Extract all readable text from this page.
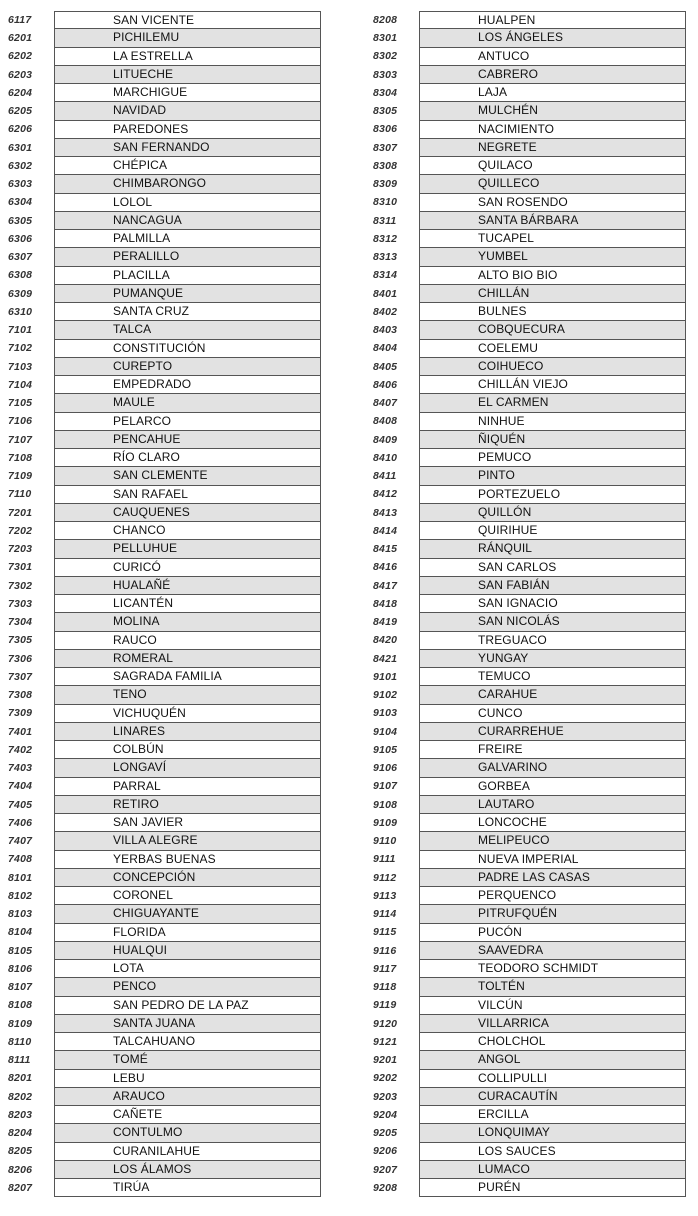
6117	SAN VICENTE
6201	PICHILEMU
6202	LA ESTRELLA
6203	LITUECHE
6204	MARCHIGUE
6205	NAVIDAD
6206	PAREDONES
6301	SAN FERNANDO
6302	CHÉPICA
6303	CHIMBARONGO
6304	LOLOL
6305	NANCAGUA
6306	PALMILLA
6307	PERALILLO
6308	PLACILLA
6309	PUMANQUE
6310	SANTA CRUZ
7101	TALCA
7102	CONSTITUCIÓN
7103	CUREPTO
7104	EMPEDRADO
7105	MAULE
7106	PELARCO
7107	PENCAHUE
7108	RÍO CLARO
7109	SAN CLEMENTE
7110	SAN RAFAEL
7201	CAUQUENES
7202	CHANCO
7203	PELLUHUE
7301	CURICÓ
7302	HUALAÑÉ
7303	LICANTÉN
7304	MOLINA
7305	RAUCO
7306	ROMERAL
7307	SAGRADA FAMILIA
7308	TENO
7309	VICHUQUÉN
7401	LINARES
7402	COLBÚN
7403	LONGAVÍ
7404	PARRAL
7405	RETIRO
7406	SAN JAVIER
7407	VILLA ALEGRE
7408	YERBAS BUENAS
8101	CONCEPCIÓN
8102	CORONEL
8103	CHIGUAYANTE
8104	FLORIDA
8105	HUALQUI
8106	LOTA
8107	PENCO
8108	SAN PEDRO DE LA PAZ
8109	SANTA JUANA
8110	TALCAHUANO
8111	TOMÉ
8201	LEBU
8202	ARAUCO
8203	CAÑETE
8204	CONTULMO
8205	CURANILAHUE
8206	LOS ÁLAMOS
8207	TIRÚA
8208	HUALPEN
8301	LOS ÁNGELES
8302	ANTUCO
8303	CABRERO
8304	LAJA
8305	MULCHÉN
8306	NACIMIENTO
8307	NEGRETE
8308	QUILACO
8309	QUILLECO
8310	SAN ROSENDO
8311	SANTA BÁRBARA
8312	TUCAPEL
8313	YUMBEL
8314	ALTO BIO BIO
8401	CHILLÁN
8402	BULNES
8403	COBQUECURA
8404	COELEMU
8405	COIHUECO
8406	CHILLÁN VIEJO
8407	EL CARMEN
8408	NINHUE
8409	ÑIQUÉN
8410	PEMUCO
8411	PINTO
8412	PORTEZUELO
8413	QUILLÓN
8414	QUIRIHUE
8415	RÁNQUIL
8416	SAN CARLOS
8417	SAN FABIÁN
8418	SAN IGNACIO
8419	SAN NICOLÁS
8420	TREGUACO
8421	YUNGAY
9101	TEMUCO
9102	CARAHUE
9103	CUNCO
9104	CURARREHUE
9105	FREIRE
9106	GALVARINO
9107	GORBEA
9108	LAUTARO
9109	LONCOCHE
9110	MELIPEUCO
9111	NUEVA IMPERIAL
9112	PADRE LAS CASAS
9113	PERQUENCO
9114	PITRUFQUÉN
9115	PUCÓN
9116	SAAVEDRA
9117	TEODORO SCHMIDT
9118	TOLTÉN
9119	VILCÚN
9120	VILLARRICA
9121	CHOLCHOL
9201	ANGOL
9202	COLLIPULLI
9203	CURACAUTÍN
9204	ERCILLA
9205	LONQUIMAY
9206	LOS SAUCES
9207	LUMACO
9208	PURÉN
